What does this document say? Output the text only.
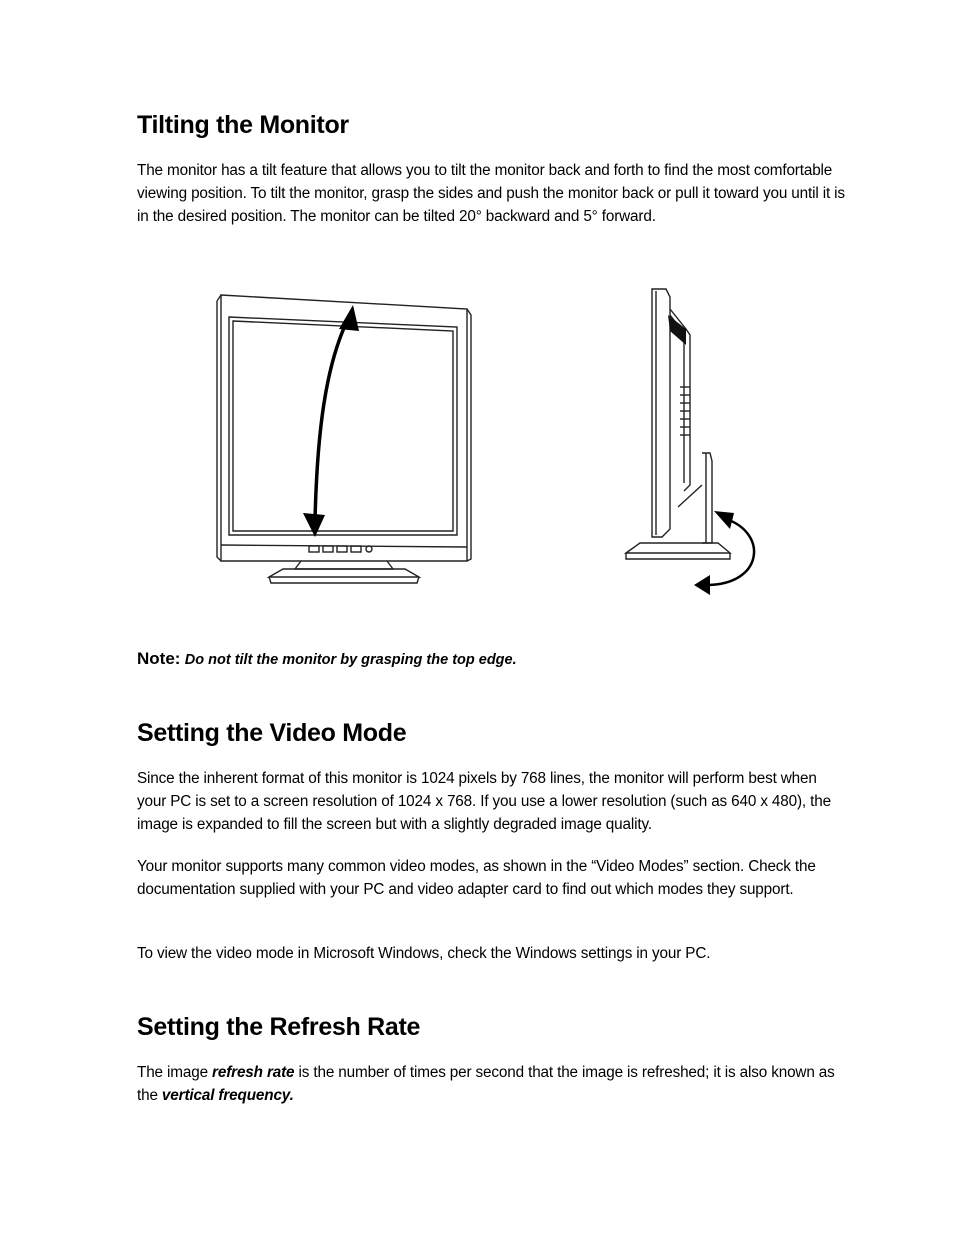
Tilting the Monitor

The monitor has a tilt feature that allows you to tilt the monitor back and forth to find the most comfortable viewing position. To tilt the monitor, grasp the sides and push the monitor back or pull it toward you until it is in the desired position. The monitor can be tilted 20° backward and 5° forward.

Note: Do not tilt the monitor by grasping the top edge.
Setting the Video Mode

Since the inherent format of this monitor is 1024 pixels by 768 lines, the monitor will perform best when your PC is set to a screen resolution of 1024 x 768. If you use a lower resolution (such as 640 x 480), the image is expanded to fill the screen but with a slightly degraded image quality.

Your monitor supports many common video modes, as shown in the “Video Modes” section. Check the documentation supplied with your PC and video adapter card to find out which modes they support.

To view the video mode in Microsoft Windows, check the Windows settings in your PC.

Setting the Refresh Rate

The image refresh rate is the number of times per second that the image is refreshed; it is also known as the vertical frequency.
